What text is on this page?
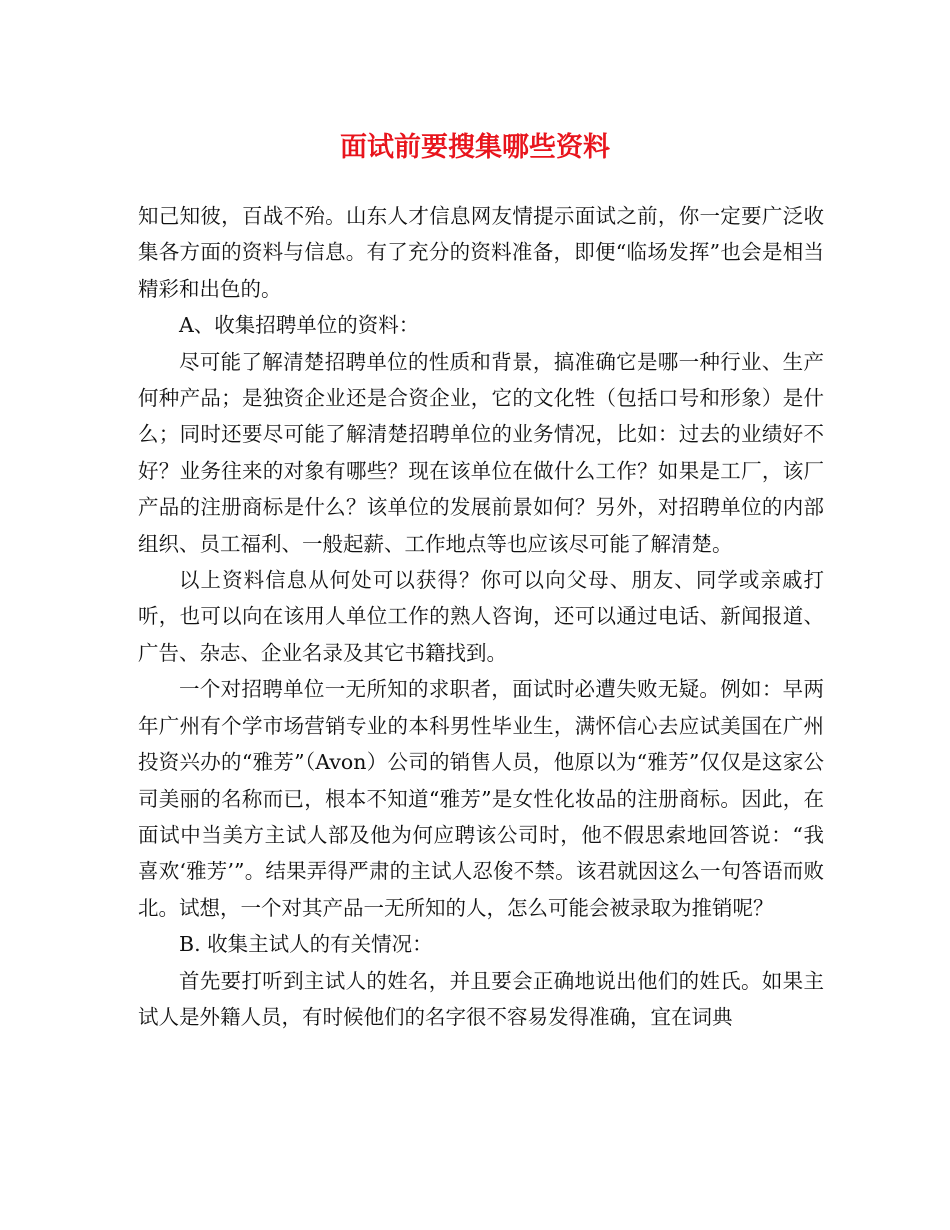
面试前要搜集哪些资料

知己知彼，百战不殆。山东人才信息网友情提示面试之前，你一定要广泛收集各方面的资料与信息。有了充分的资料准备，即便“临场发挥”也会是相当精彩和出色的。

A、收集招聘单位的资料：

尽可能了解清楚招聘单位的性质和背景，搞准确它是哪一种行业、生产何种产品；是独资企业还是合资企业，它的文化牲（包括口号和形象）是什么；同时还要尽可能了解清楚招聘单位的业务情况，比如：过去的业绩好不好？业务往来的对象有哪些？现在该单位在做什么工作？如果是工厂，该厂产品的注册商标是什么？该单位的发展前景如何？另外，对招聘单位的内部组织、员工福利、一般起薪、工作地点等也应该尽可能了解清楚。

以上资料信息从何处可以获得？你可以向父母、朋友、同学或亲戚打听，也可以向在该用人单位工作的熟人咨询，还可以通过电话、新闻报道、广告、杂志、企业名录及其它书籍找到。

一个对招聘单位一无所知的求职者，面试时必遭失败无疑。例如：早两年广州有个学市场营销专业的本科男性毕业生，满怀信心去应试美国在广州投资兴办的“雅芳”（Avon）公司的销售人员，他原以为“雅芳”仅仅是这家公司美丽的名称而已，根本不知道“雅芳”是女性化妆品的注册商标。因此，在面试中当美方主试人部及他为何应聘该公司时，他不假思索地回答说：“我喜欢‘雅芳’”。结果弄得严肃的主试人忍俊不禁。该君就因这么一句答语而败北。试想，一个对其产品一无所知的人，怎么可能会被录取为推销呢？

B. 收集主试人的有关情况：

首先要打听到主试人的姓名，并且要会正确地说出他们的姓氏。如果主试人是外籍人员，有时候他们的名字很不容易发得准确，宜在词典
